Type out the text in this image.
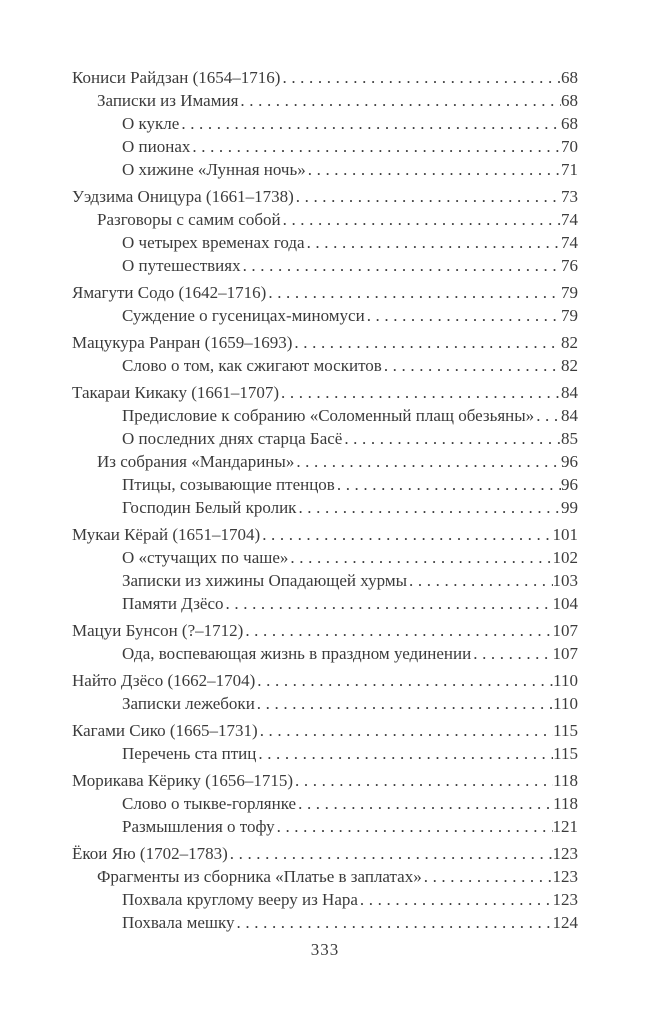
Кониси Райдзан (1654–1716) .....	68
Записки из Имамия .....	68
О кукле .....	68
О пионах .....	70
О хижине «Лунная ночь» .....	71
Уэдзима Оницура (1661–1738) .....	73
Разговоры с самим собой .....	74
О четырех временах года .....	74
О путешествиях .....	76
Ямагути Содо (1642–1716) .....	79
Суждение о гусеницах-миномуси .....	79
Мацукура Ранран (1659–1693) .....	82
Слово о том, как сжигают москитов .....	82
Такараи Кикаку (1661–1707) .....	84
Предисловие к собранию «Соломенный плащ обезьяны» ..... 84
О последних днях старца Басё .....	85
Из собрания «Мандарины» .....	96
Птицы, созывающие птенцов .....	96
Господин Белый кролик .....	99
Мукаи Кёрай (1651–1704) .....	101
О «стучащих по чаше» .....	102
Записки из хижины Опадающей хурмы .....	103
Памяти Дзёсо .....	104
Мацуи Бунсон (?–1712) .....	107
Ода, воспевающая жизнь в праздном уединении .....	107
Найто Дзёсо (1662–1704) .....	110
Записки лежебоки .....	110
Кагами Сико (1665–1731) .....	115
Перечень ста птиц .....	115
Морикава Кёрику (1656–1715) .....	118
Слово о тыкве-горлянке .....	118
Размышления о тофу .....	121
Ёкои Яю (1702–1783) .....	123
Фрагменты из сборника «Платье в заплатах» .....	123
Похвала круглому вееру из Нара .....	123
Похвала мешку .....	124
333
